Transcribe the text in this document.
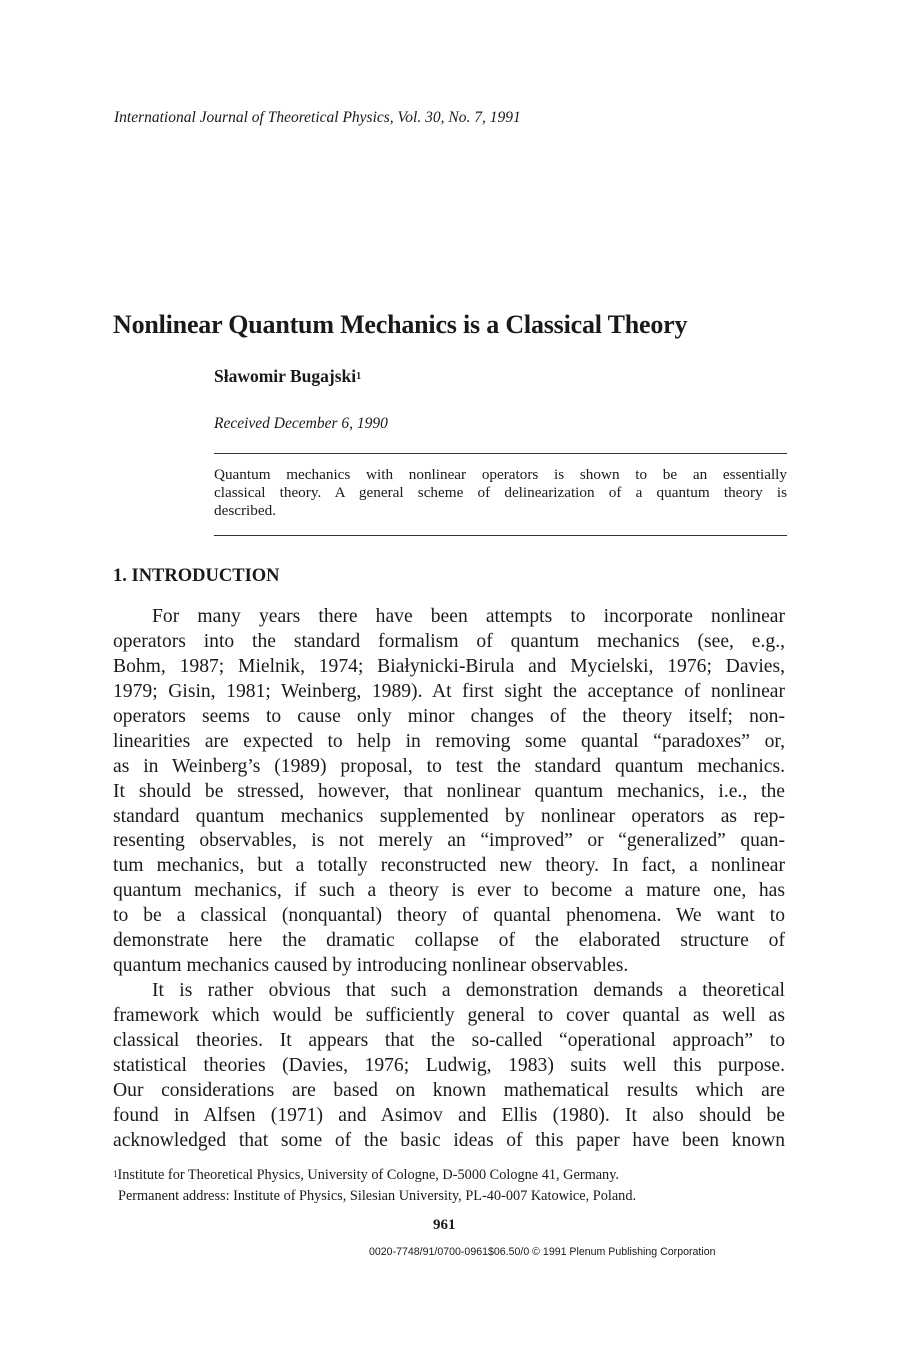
International Journal of Theoretical Physics, Vol. 30, No. 7, 1991
Nonlinear Quantum Mechanics is a Classical Theory
Sławomir Bugajski$^1$
Received December 6, 1990
Quantum mechanics with nonlinear operators is shown to be an essentially
classical theory. A general scheme of delinearization of a quantum theory is
described.
1. INTRODUCTION
For many years there have been attempts to incorporate nonlinear
operators into the standard formalism of quantum mechanics (see, e.g.,
Bohm, 1987; Mielnik, 1974; Białynicki-Birula and Mycielski, 1976; Davies,
1979; Gisin, 1981; Weinberg, 1989). At first sight the acceptance of nonlinear
operators seems to cause only minor changes of the theory itself; non-
linearities are expected to help in removing some quantal “paradoxes” or,
as in Weinberg’s (1989) proposal, to test the standard quantum mechanics.
It should be stressed, however, that nonlinear quantum mechanics, i.e., the
standard quantum mechanics supplemented by nonlinear operators as rep-
resenting observables, is not merely an “improved” or “generalized” quan-
tum mechanics, but a totally reconstructed new theory. In fact, a nonlinear
quantum mechanics, if such a theory is ever to become a mature one, has
to be a classical (nonquantal) theory of quantal phenomena. We want to
demonstrate here the dramatic collapse of the elaborated structure of
quantum mechanics caused by introducing nonlinear observables.
It is rather obvious that such a demonstration demands a theoretical
framework which would be sufficiently general to cover quantal as well as
classical theories. It appears that the so-called “operational approach” to
statistical theories (Davies, 1976; Ludwig, 1983) suits well this purpose.
Our considerations are based on known mathematical results which are
found in Alfsen (1971) and Asimov and Ellis (1980). It also should be
acknowledged that some of the basic ideas of this paper have been known
$^1$Institute for Theoretical Physics, University of Cologne, D-5000 Cologne 41, Germany.
Permanent address: Institute of Physics, Silesian University, PL-40-007 Katowice, Poland.
961
0020-7748/91/0700-0961$06.50/0 © 1991 Plenum Publishing Corporation
